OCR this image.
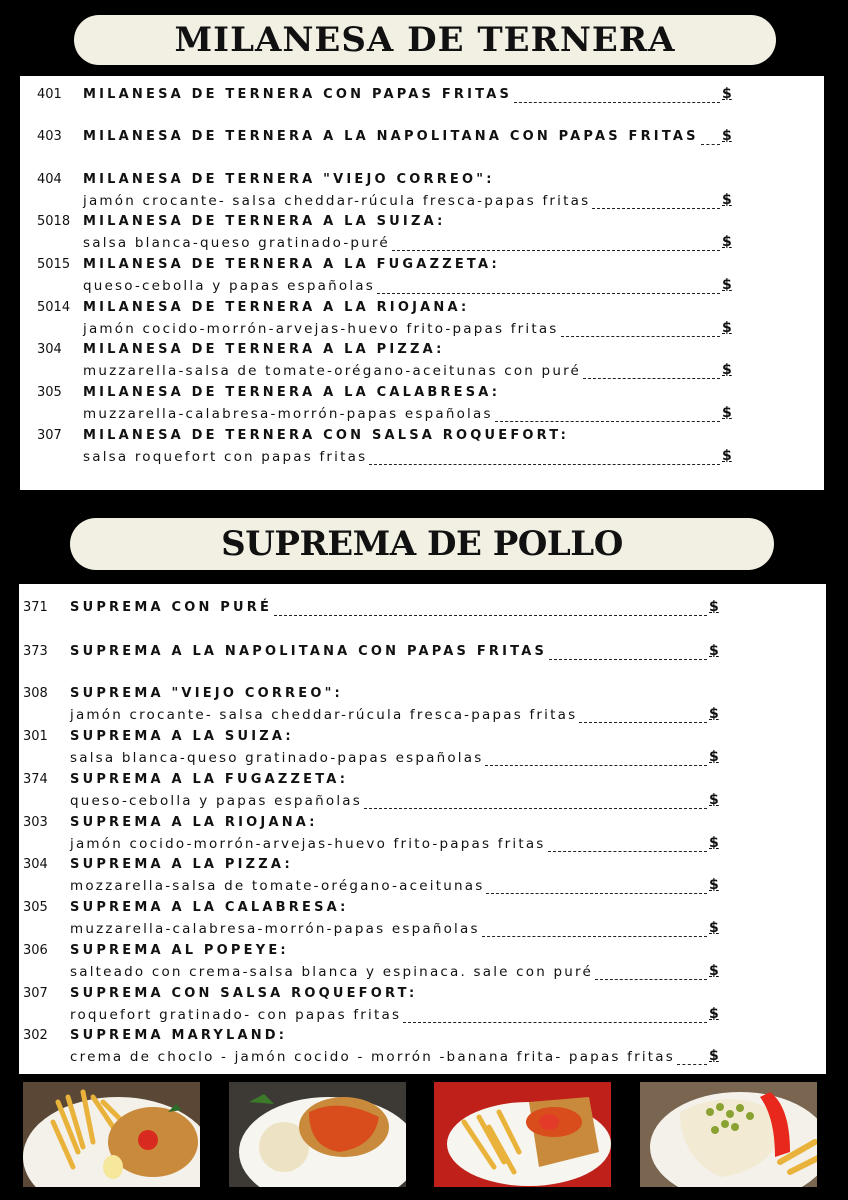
MILANESA DE TERNERA
401 MILANESA DE TERNERA CON PAPAS FRITAS	$
403 MILANESA DE TERNERA A LA NAPOLITANA CON PAPAS FRITAS $
404 MILANESA DE TERNERA "VIEJO CORREO":
jamón crocante- salsa cheddar-rúcula fresca-papas fritas	$
5018 MILANESA DE TERNERA A LA SUIZA:
salsa blanca-queso gratinado-puré	$
5015 MILANESA DE TERNERA A LA FUGAZZETA:
queso-cebolla y papas españolas	$
5014 MILANESA DE TERNERA A LA RIOJANA:
jamón cocido-morrón-arvejas-huevo frito-papas fritas	$
304 MILANESA DE TERNERA A LA PIZZA:
muzzarella-salsa de tomate-orégano-aceitunas con puré	$
305 MILANESA DE TERNERA A LA CALABRESA:
muzzarella-calabresa-morrón-papas españolas	$
307 MILANESA DE TERNERA CON SALSA ROQUEFORT:
salsa roquefort con papas fritas	$
SUPREMA DE POLLO
371 SUPREMA CON PURÉ	$
373 SUPREMA A LA NAPOLITANA CON PAPAS FRITAS	$
308 SUPREMA "VIEJO CORREO":
jamón crocante- salsa cheddar-rúcula fresca-papas fritas	$
301 SUPREMA A LA SUIZA:
salsa blanca-queso gratinado-papas españolas	$
374 SUPREMA A LA FUGAZZETA:
queso-cebolla y papas españolas	$
303 SUPREMA A LA RIOJANA:
jamón cocido-morrón-arvejas-huevo frito-papas fritas	$
304 SUPREMA A LA PIZZA:
mozzarella-salsa de tomate-orégano-aceitunas	$
305 SUPREMA A LA CALABRESA:
muzzarella-calabresa-morrón-papas españolas	$
306 SUPREMA AL POPEYE:
salteado con crema-salsa blanca y espinaca. sale con puré	$
307 SUPREMA CON SALSA ROQUEFORT:
roquefort gratinado- con papas fritas	$
302 SUPREMA MARYLAND:
crema de choclo - jamón cocido - morrón -banana frita- papas fritas $
